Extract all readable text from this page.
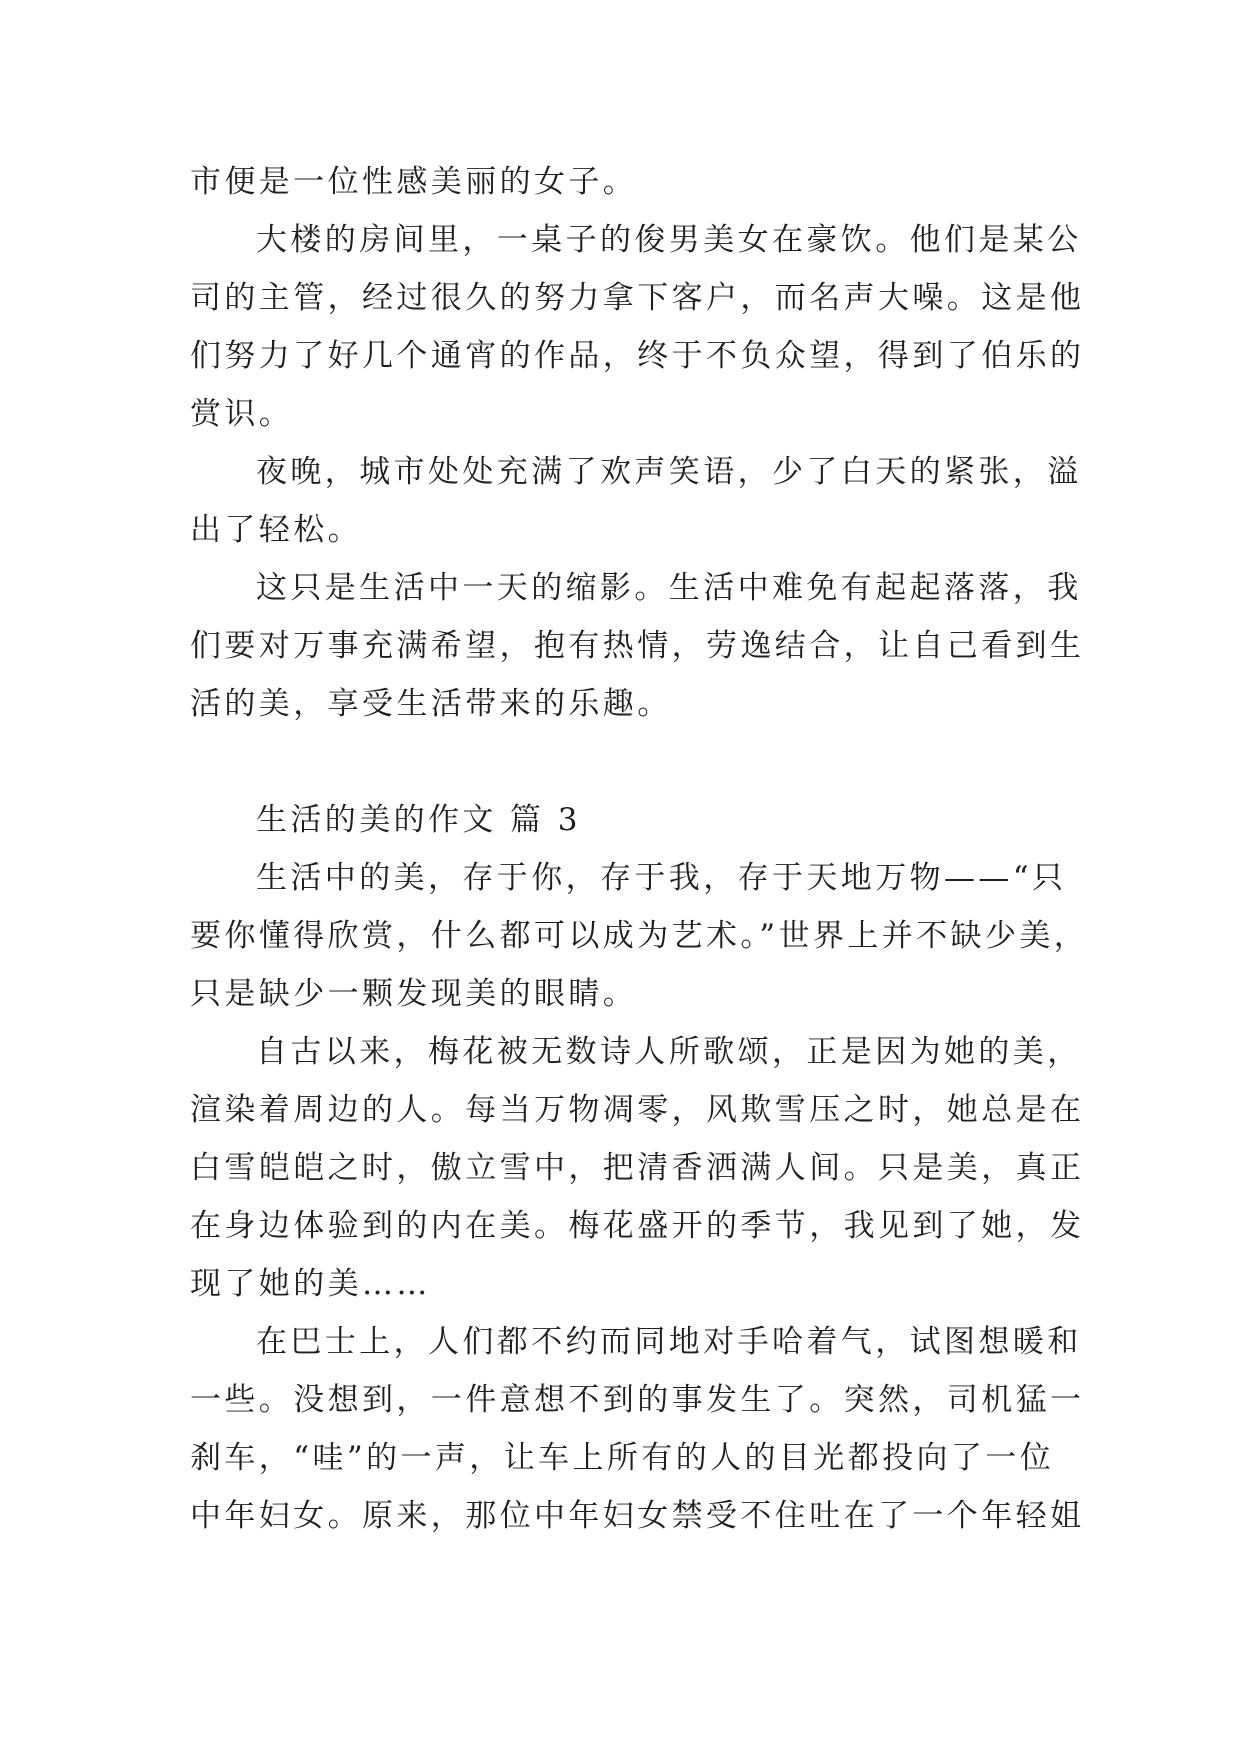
市便是一位性感美丽的女子。
大楼的房间里，一桌子的俊男美女在豪饮。他们是某公
司的主管，经过很久的努力拿下客户，而名声大噪。这是他
们努力了好几个通宵的作品，终于不负众望，得到了伯乐的
赏识。
夜晚，城市处处充满了欢声笑语，少了白天的紧张，溢
出了轻松。
这只是生活中一天的缩影。生活中难免有起起落落，我
们要对万事充满希望，抱有热情，劳逸结合，让自己看到生
活的美，享受生活带来的乐趣。
生活的美的作文 篇 3
生活中的美，存于你，存于我，存于天地万物——“只
要你懂得欣赏，什么都可以成为艺术。”世界上并不缺少美，
只是缺少一颗发现美的眼睛。
自古以来，梅花被无数诗人所歌颂，正是因为她的美，
渲染着周边的人。每当万物凋零，风欺雪压之时，她总是在
白雪皑皑之时，傲立雪中，把清香洒满人间。只是美，真正
在身边体验到的内在美。梅花盛开的季节，我见到了她，发
现了她的美……
在巴士上，人们都不约而同地对手哈着气，试图想暖和
一些。没想到，一件意想不到的事发生了。突然，司机猛一
刹车，“哇”的一声，让车上所有的人的目光都投向了一位
中年妇女。原来，那位中年妇女禁受不住吐在了一个年轻姐
